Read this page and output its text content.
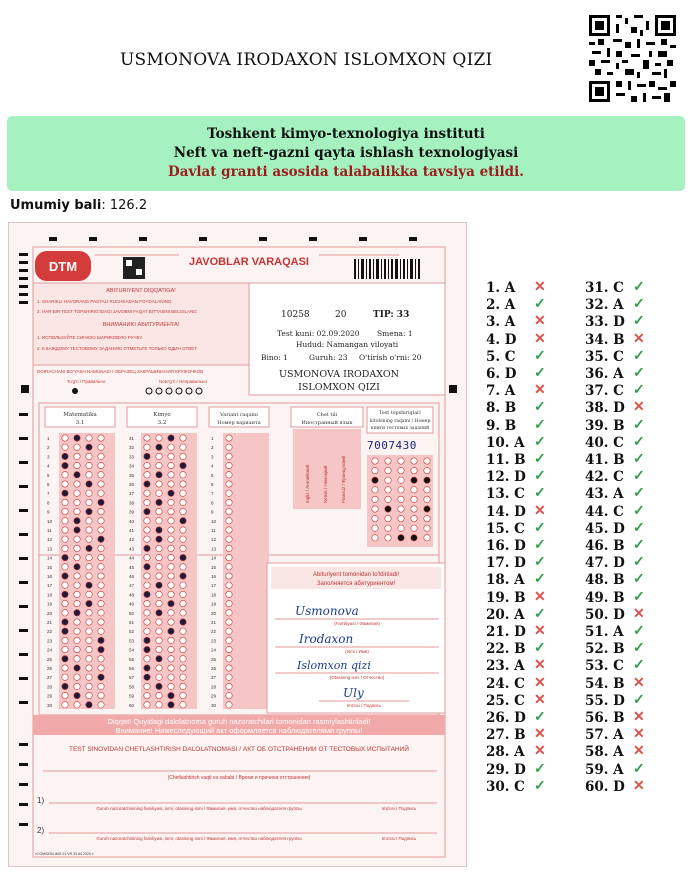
USMONOVA IRODAXON ISLOMXON QIZI
Toshkent kimyo-texnologiya instituti
Neft va neft-gazni qayta ishlash texnologiyasi
Davlat granti asosida talabalikka tavsiya etildi.
Umumiy bali: 126.2
DTM	JAVOBLAR VARAQASI
ABITURIYENT DIQQATIGA!
1. SHARIKLI HAVORANG PASTALI RUCHKADAN FOYDALANING.
2. HAR BIR TEST TOPSHIRIG'IDAGI JAVOBNI FAQAT BITTASINI BELGILANG
ВНИМАНИЮ АБИТУРИЕНТА!
1. ИСПОЛЬЗУЙТЕ СИНЮЮ ШАРИКОВУЮ РУЧКУ.
2. К КАЖДОМУ ТЕСТОВОМУ ЗАДАНИЮ ОТМЕТЬТЕ ТОЛЬКО ОДИН ОТВЕТ.
DOIRACHANI BO'YASH NAMUNASI / ОБРАЗЕЦ ЗАКРАШИВАНИЯ КРУЖОЧКОВ
To'g'ri / Правильно	Noto'g'ri / Неправильно
10258	20	TIP: 33
Test kuni: 02.09.2020 Smena: 1
Hudud: Namangan viloyati
Bino: 1	Guruh: 23 O'tirish o'rni: 20
USMONOVA IRODAXON
ISLOMXON QIZI
Matematika
3.1
Kimyo
3.2
Variant raqami
Номер варианта
Chet tili
Иностранный язык
Ingliz / Английский	Nemis / Немецкий	Fransuz / Французский
Test topshiriqlari
kitobining raqami / Номер
книги тестовых заданий
7007430
1
2
3
4
5
6
7
8
9
10
11
12
13
14
15
16
17
18
19
20
21
22
23
24
25
26
27
28
29
30
31
32
33
34
35
36
37
38
39
40
41
42
43
44
45
46
47
48
49
50
51
52
53
54
55
56
57
58
59
60
1
2
3
4
5
6
7
8
9
10
11
12
13
14
15
16
17
18
19
20
21
22
23
24
25
26
27
28
29
30
Abituriyent tomonidan to'ldiriladi!
Заполняется абитуриентом!
Usmonova
(Familiyasi / Фамилия)
Irodaxon
(Ismi / Имя)
Islomxon qizi
(Otasining ismi / Отчество)
Uly
Imzosi / Подпись
Diqqat! Quyidagi dalolatnoma guruh nazoratchilari tomonidan rasmiylashtiriladi!
Внимание! Нижеследующий акт оформляется наблюдателями группы!
TEST SINOVIDAN CHETLASHTIRISH DALOLATNOMASI / АКТ ОБ ОТСТРАНЕНИИ ОТ ТЕСТОВЫХ ИСПЫТАНИЙ
(Chetlashtirish vaqti va sababi / Время и причина отстранения)
1)
Guruh nazoratchisining familiyasi, ismi, otasining ismi / Фамилия, имя, отчество наблюдателя группы	Imzosi / Подпись
2)
Guruh nazoratchisining familiyasi, ismi, otasining ismi / Фамилия, имя, отчество наблюдателя группы	Imzosi / Подпись
«COMSIGN-IMG 01 VR 33 A4 2020 »
1. A ✕
2. A ✓
3. A ✕
4. D ✕
5. C ✓
6. D ✓
7. A ✕
8. B ✓
9. B ✓
10. A ✓
11. B ✓
12. D ✓
13. C ✓
14. D ✕
15. C ✓
16. D ✓
17. D ✓
18. A ✓
19. B ✕
20. A ✓
21. D ✕
22. B ✓
23. A ✕
24. C ✕
25. C ✕
26. D ✓
27. B ✕
28. A ✕
29. D ✓
30. C ✓
31. C ✓
32. A ✓
33. D ✓
34. B ✕
35. C ✓
36. A ✓
37. C ✓
38. D ✕
39. B ✓
40. C ✓
41. B ✓
42. C ✓
43. A ✓
44. C ✓
45. D ✓
46. B ✓
47. D ✓
48. B ✓
49. B ✓
50. D ✕
51. A ✓
52. B ✓
53. C ✓
54. B ✕
55. D ✓
56. B ✕
57. A ✕
58. A ✕
59. A ✓
60. D ✕
